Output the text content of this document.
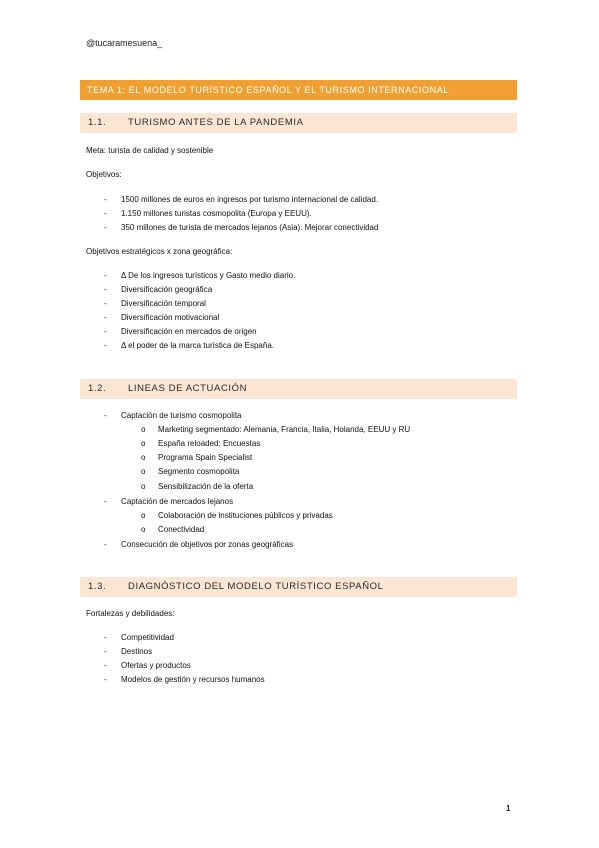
@tucaramesuena_
TEMA 1: EL MODELO TURÍSTICO ESPAÑOL Y EL TURISMO INTERNACIONAL
1.1. TURISMO ANTES DE LA PANDEMIA
Meta: turista de calidad y sostenible
Objetivos:
- 1500 millones de euros en ingresos por turismo internacional de calidad.
- 1.150 millones turistas cosmopolita (Europa y EEUU).
- 350 millones de turista de mercados lejanos (Asia). Mejorar conectividad
Objetivos estratégicos x zona geográfica:
- Δ De los ingresos turísticos y Gasto medio diario.
- Diversificación geográfica
- Diversificación temporal
- Diversificación motivacional
- Diversificación en mercados de origen
- Δ el poder de la marca turística de España.
1.2. LINEAS DE ACTUACIÓN
- Captación de turismo cosmopolita
o Marketing segmentado: Alemania, Francia, Italia, Holanda, EEUU y RU
o España reloaded: Encuestas
o Programa Spain Specialist
o Segmento cosmopolita
o Sensibilización de la oferta
- Captación de mercados lejanos
o Colaboración de instituciones públicos y privadas
o Conectividad
- Consecución de objetivos por zonas geográficas
1.3. DIAGNÓSTICO DEL MODELO TURÍSTICO ESPAÑOL
Fortalezas y debilidades:
- Competitividad
- Destinos
- Ofertas y productos
- Modelos de gestión y recursos humanos
1
